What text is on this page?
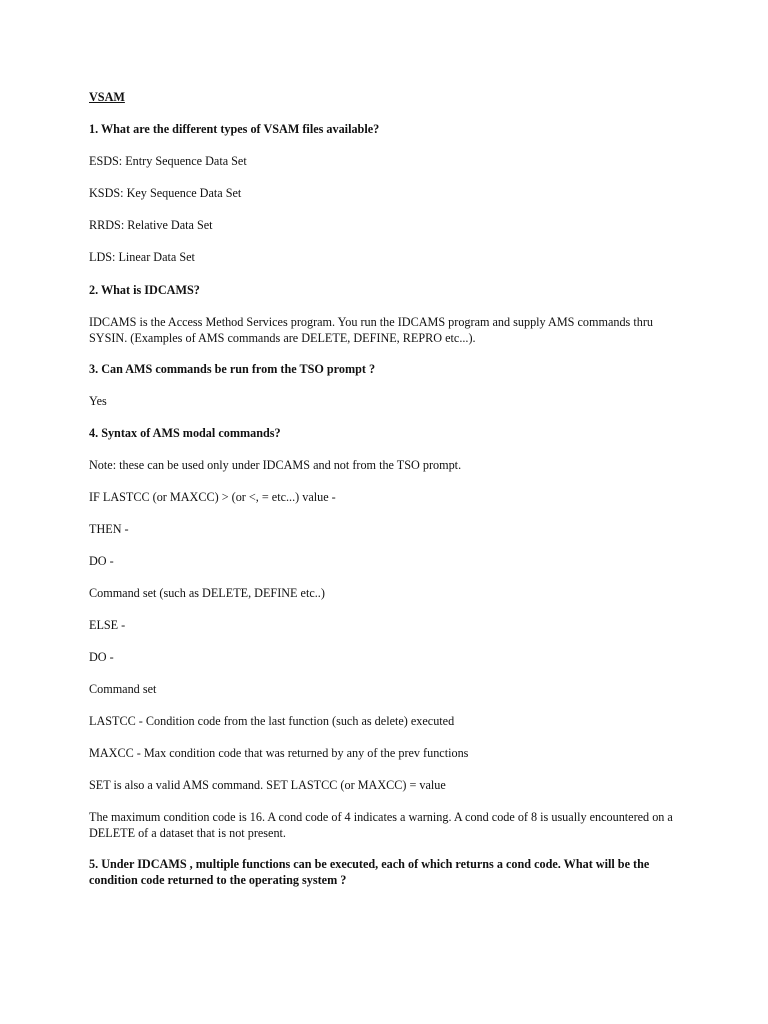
VSAM
1. What are the different types of VSAM files available?
ESDS: Entry Sequence Data Set
KSDS: Key Sequence Data Set
RRDS: Relative Data Set
LDS: Linear Data Set
2. What is IDCAMS?
IDCAMS is the Access Method Services program. You run the IDCAMS program and supply AMS commands thru SYSIN. (Examples of AMS commands are DELETE, DEFINE, REPRO etc...).
3. Can AMS commands be run from the TSO prompt ?
Yes
4. Syntax of AMS modal commands?
Note: these can be used only under IDCAMS and not from the TSO prompt.
IF LASTCC (or MAXCC) > (or <, = etc...) value -
THEN -
DO -
Command set (such as DELETE, DEFINE etc..)
ELSE -
DO -
Command set
LASTCC - Condition code from the last function (such as delete) executed
MAXCC - Max condition code that was returned by any of the prev functions
SET is also a valid AMS command. SET LASTCC (or MAXCC) = value
The maximum condition code is 16. A cond code of 4 indicates a warning. A cond code of 8 is usually encountered on a DELETE of a dataset that is not present.
5. Under IDCAMS , multiple functions can be executed, each of which returns a cond code. What will be the condition code returned to the operating system ?
